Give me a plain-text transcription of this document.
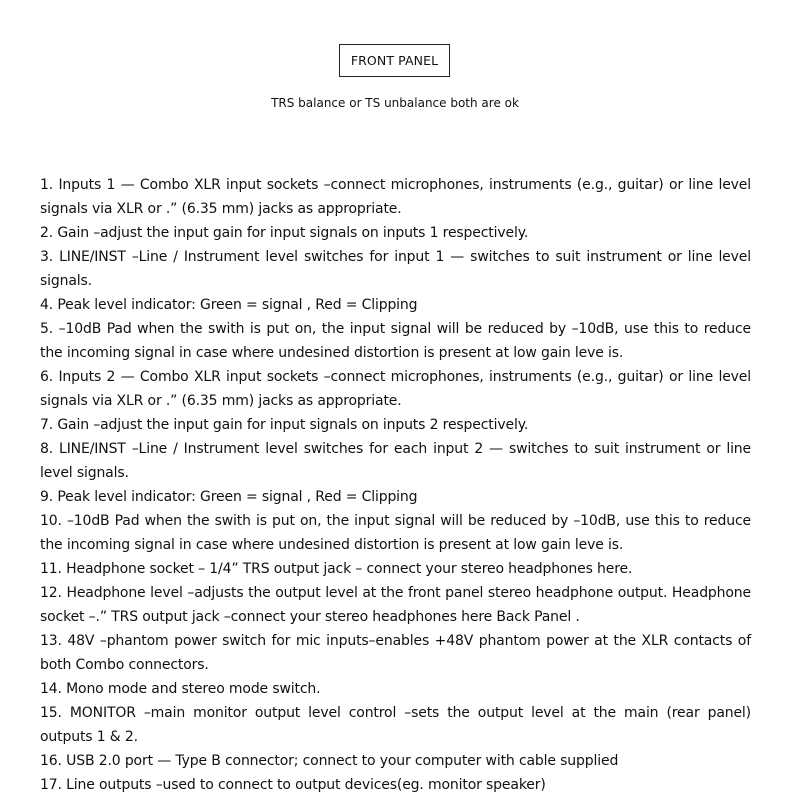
FRONT PANEL
TRS balance or TS unbalance both are ok

1. Inputs 1 — Combo XLR input sockets –connect microphones, instruments (e.g., guitar) or line level signals via XLR or .” (6.35 mm) jacks as appropriate.

2. Gain –adjust the input gain for input signals on inputs 1 respectively.

3. LINE/INST –Line / Instrument level switches for input 1 — switches to suit instrument or line level signals.

4. Peak level indicator: Green = signal , Red = Clipping

5. –10dB Pad when the swith is put on, the input signal will be reduced by –10dB, use this to reduce the incoming signal in case where undesined distortion is present at low gain leve is.

6. Inputs 2 — Combo XLR input sockets –connect microphones, instruments (e.g., guitar) or line level signals via XLR or .” (6.35 mm) jacks as appropriate.

7. Gain –adjust the input gain for input signals on inputs 2 respectively.

8. LINE/INST –Line / Instrument level switches for each input 2 — switches to suit instrument or line level signals.

9. Peak level indicator: Green = signal , Red = Clipping

10. –10dB Pad when the swith is put on, the input signal will be reduced by –10dB, use this to reduce the incoming signal in case where undesined distortion is present at low gain leve is.

11. Headphone socket – 1/4” TRS output jack – connect your stereo headphones here.

12. Headphone level –adjusts the output level at the front panel stereo headphone output. Headphone socket –.” TRS output jack –connect your stereo headphones here Back Panel .

13. 48V –phantom power switch for mic inputs–enables +48V phantom power at the XLR contacts of both Combo connectors.

14. Mono mode and stereo mode switch.

15. MONITOR –main monitor output level control –sets the output level at the main (rear panel) outputs 1 & 2.

16. USB 2.0 port — Type B connector; connect to your computer with cable supplied

17. Line outputs –used to connect to output devices(eg. monitor speaker)
